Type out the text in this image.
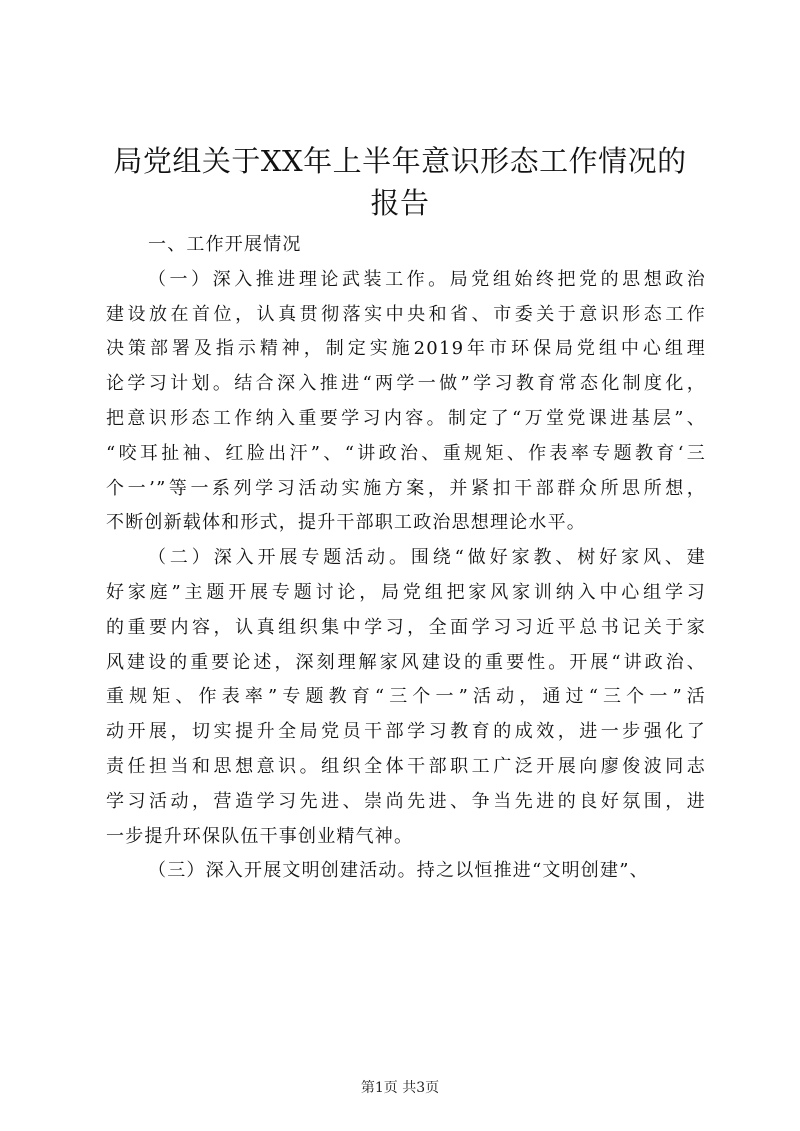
局党组关于XX年上半年意识形态工作情况的
报告

一、工作开展情况

（一）深入推进理论武装工作。局党组始终把党的思想政治
建设放在首位，认真贯彻落实中央和省、市委关于意识形态工作
决策部署及指示精神，制定实施2019年市环保局党组中心组理
论学习计划。结合深入推进“两学一做”学习教育常态化制度化，
把意识形态工作纳入重要学习内容。制定了“万堂党课进基层”、
“咬耳扯袖、红脸出汗”、“讲政治、重规矩、作表率专题教育‘三
个一’”等一系列学习活动实施方案，并紧扣干部群众所思所想，
不断创新载体和形式，提升干部职工政治思想理论水平。

（二）深入开展专题活动。围绕“做好家教、树好家风、建
好家庭”主题开展专题讨论，局党组把家风家训纳入中心组学习
的重要内容，认真组织集中学习，全面学习习近平总书记关于家
风建设的重要论述，深刻理解家风建设的重要性。开展“讲政治、
重规矩、作表率”专题教育“三个一”活动，通过“三个一”活
动开展，切实提升全局党员干部学习教育的成效，进一步强化了
责任担当和思想意识。组织全体干部职工广泛开展向廖俊波同志
学习活动，营造学习先进、崇尚先进、争当先进的良好氛围，进
一步提升环保队伍干事创业精气神。

（三）深入开展文明创建活动。持之以恒推进“文明创建”、

第1页 共3页
